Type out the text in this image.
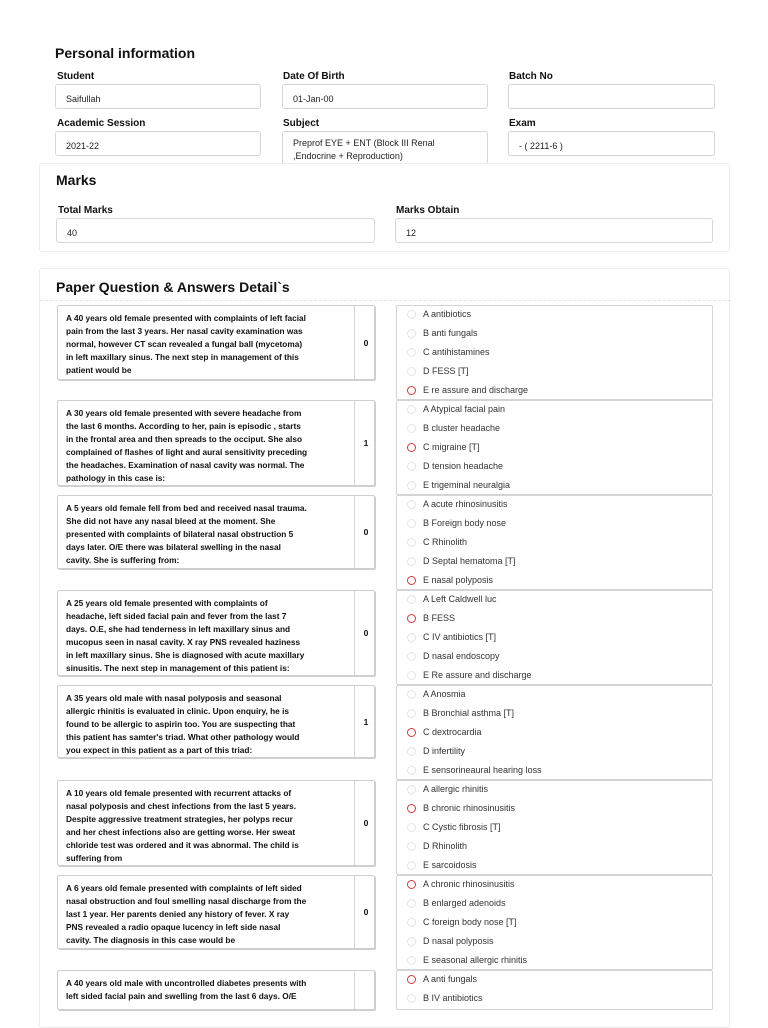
Personal information
Student
Saifullah
Date Of Birth
01-Jan-00
Batch No
Academic Session
2021-22
Subject
Preprof EYE + ENT (Block III Renal
,Endocrine + Reproduction)
Exam
- ( 2211-6 )
Marks
Total Marks
40
Marks Obtain
12
Paper Question & Answers Detail`s
A 40 years old female presented with complaints of left facial
pain from the last 3 years. Her nasal cavity examination was
normal, however CT scan revealed a fungal ball (mycetoma)
in left maxillary sinus. The next step in management of this
patient would be
0
A antibiotics
B anti fungals
C antihistamines
D FESS [T]
E re assure and discharge
A 30 years old female presented with severe headache from
the last 6 months. According to her, pain is episodic , starts
in the frontal area and then spreads to the occiput. She also
complained of flashes of light and aural sensitivity preceding
the headaches. Examination of nasal cavity was normal. The
pathology in this case is:
1
A Atypical facial pain
B cluster headache
C migraine [T]
D tension headache
E trigeminal neuralgia
A 5 years old female fell from bed and received nasal trauma.
She did not have any nasal bleed at the moment. She
presented with complaints of bilateral nasal obstruction 5
days later. O/E there was bilateral swelling in the nasal
cavity. She is suffering from:
0
A acute rhinosinusitis
B Foreign body nose
C Rhinolith
D Septal hematoma [T]
E nasal polyposis
A 25 years old female presented with complaints of
headache, left sided facial pain and fever from the last 7
days. O.E, she had tenderness in left maxillary sinus and
mucopus seen in nasal cavity. X ray PNS revealed haziness
in left maxillary sinus. She is diagnosed with acute maxillary
sinusitis. The next step in management of this patient is:
0
A Left Caldwell luc
B FESS
C IV antibiotics [T]
D nasal endoscopy
E Re assure and discharge
A 35 years old male with nasal polyposis and seasonal
allergic rhinitis is evaluated in clinic. Upon enquiry, he is
found to be allergic to aspirin too. You are suspecting that
this patient has samter's triad. What other pathology would
you expect in this patient as a part of this triad:
1
A Anosmia
B Bronchial asthma [T]
C dextrocardia
D infertility
E sensorineaural hearing loss
A 10 years old female presented with recurrent attacks of
nasal polyposis and chest infections from the last 5 years.
Despite aggressive treatment strategies, her polyps recur
and her chest infections also are getting worse. Her sweat
chloride test was ordered and it was abnormal. The child is
suffering from
0
A allergic rhinitis
B chronic rhinosinusitis
C Cystic fibrosis [T]
D Rhinolith
E sarcoidosis
A 6 years old female presented with complaints of left sided
nasal obstruction and foul smelling nasal discharge from the
last 1 year. Her parents denied any history of fever. X ray
PNS revealed a radio opaque lucency in left side nasal
cavity. The diagnosis in this case would be
0
A chronic rhinosinusitis
B enlarged adenoids
C foreign body nose [T]
D nasal polyposis
E seasonal allergic rhinitis
A 40 years old male with uncontrolled diabetes presents with
left sided facial pain and swelling from the last 6 days. O/E
A anti fungals
B IV antibiotics
